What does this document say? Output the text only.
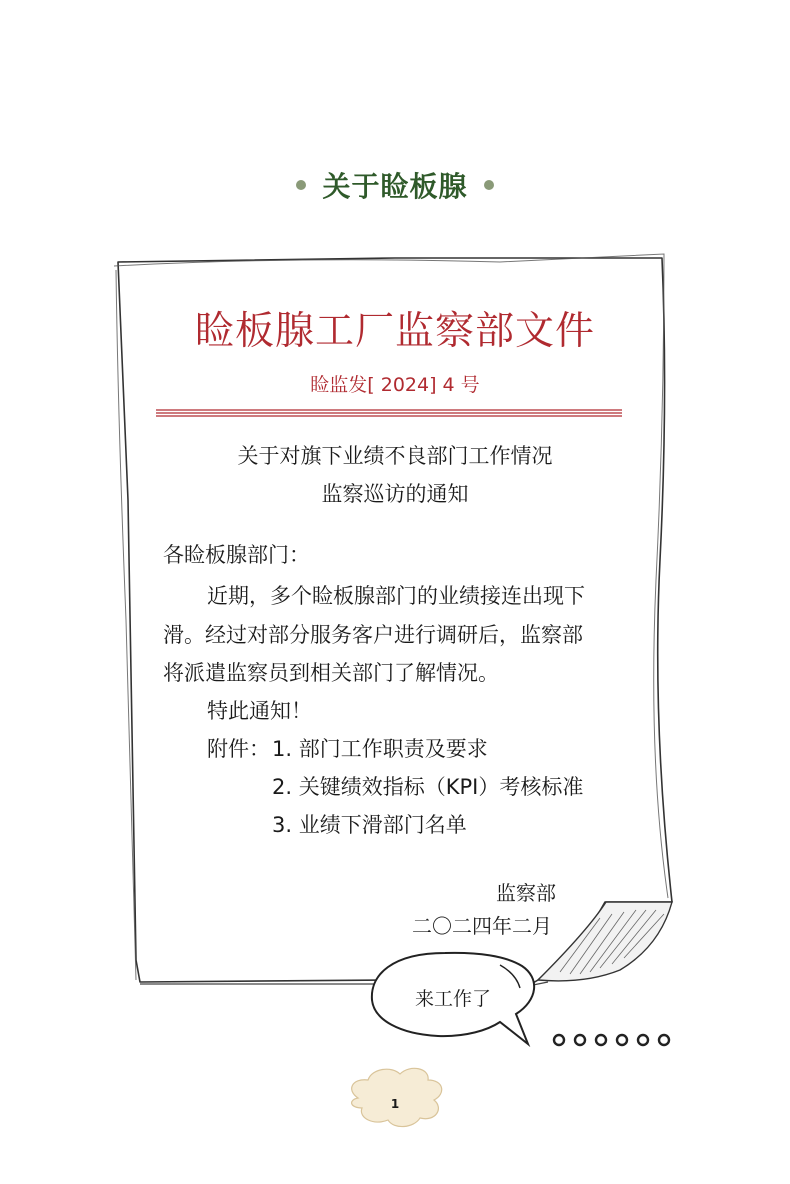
关于睑板腺
睑板腺工厂监察部文件
睑监发[ 2024] 4 号
关于对旗下业绩不良部门工作情况
监察巡访的通知
各睑板腺部门：
近期，多个睑板腺部门的业绩接连出现下
滑。经过对部分服务客户进行调研后，监察部
将派遣监察员到相关部门了解情况。
特此通知！
附件： 1. 部门工作职责及要求
2. 关键绩效指标（KPI）考核标准
3. 业绩下滑部门名单
监察部
二〇二四年二月
来工作了
1
